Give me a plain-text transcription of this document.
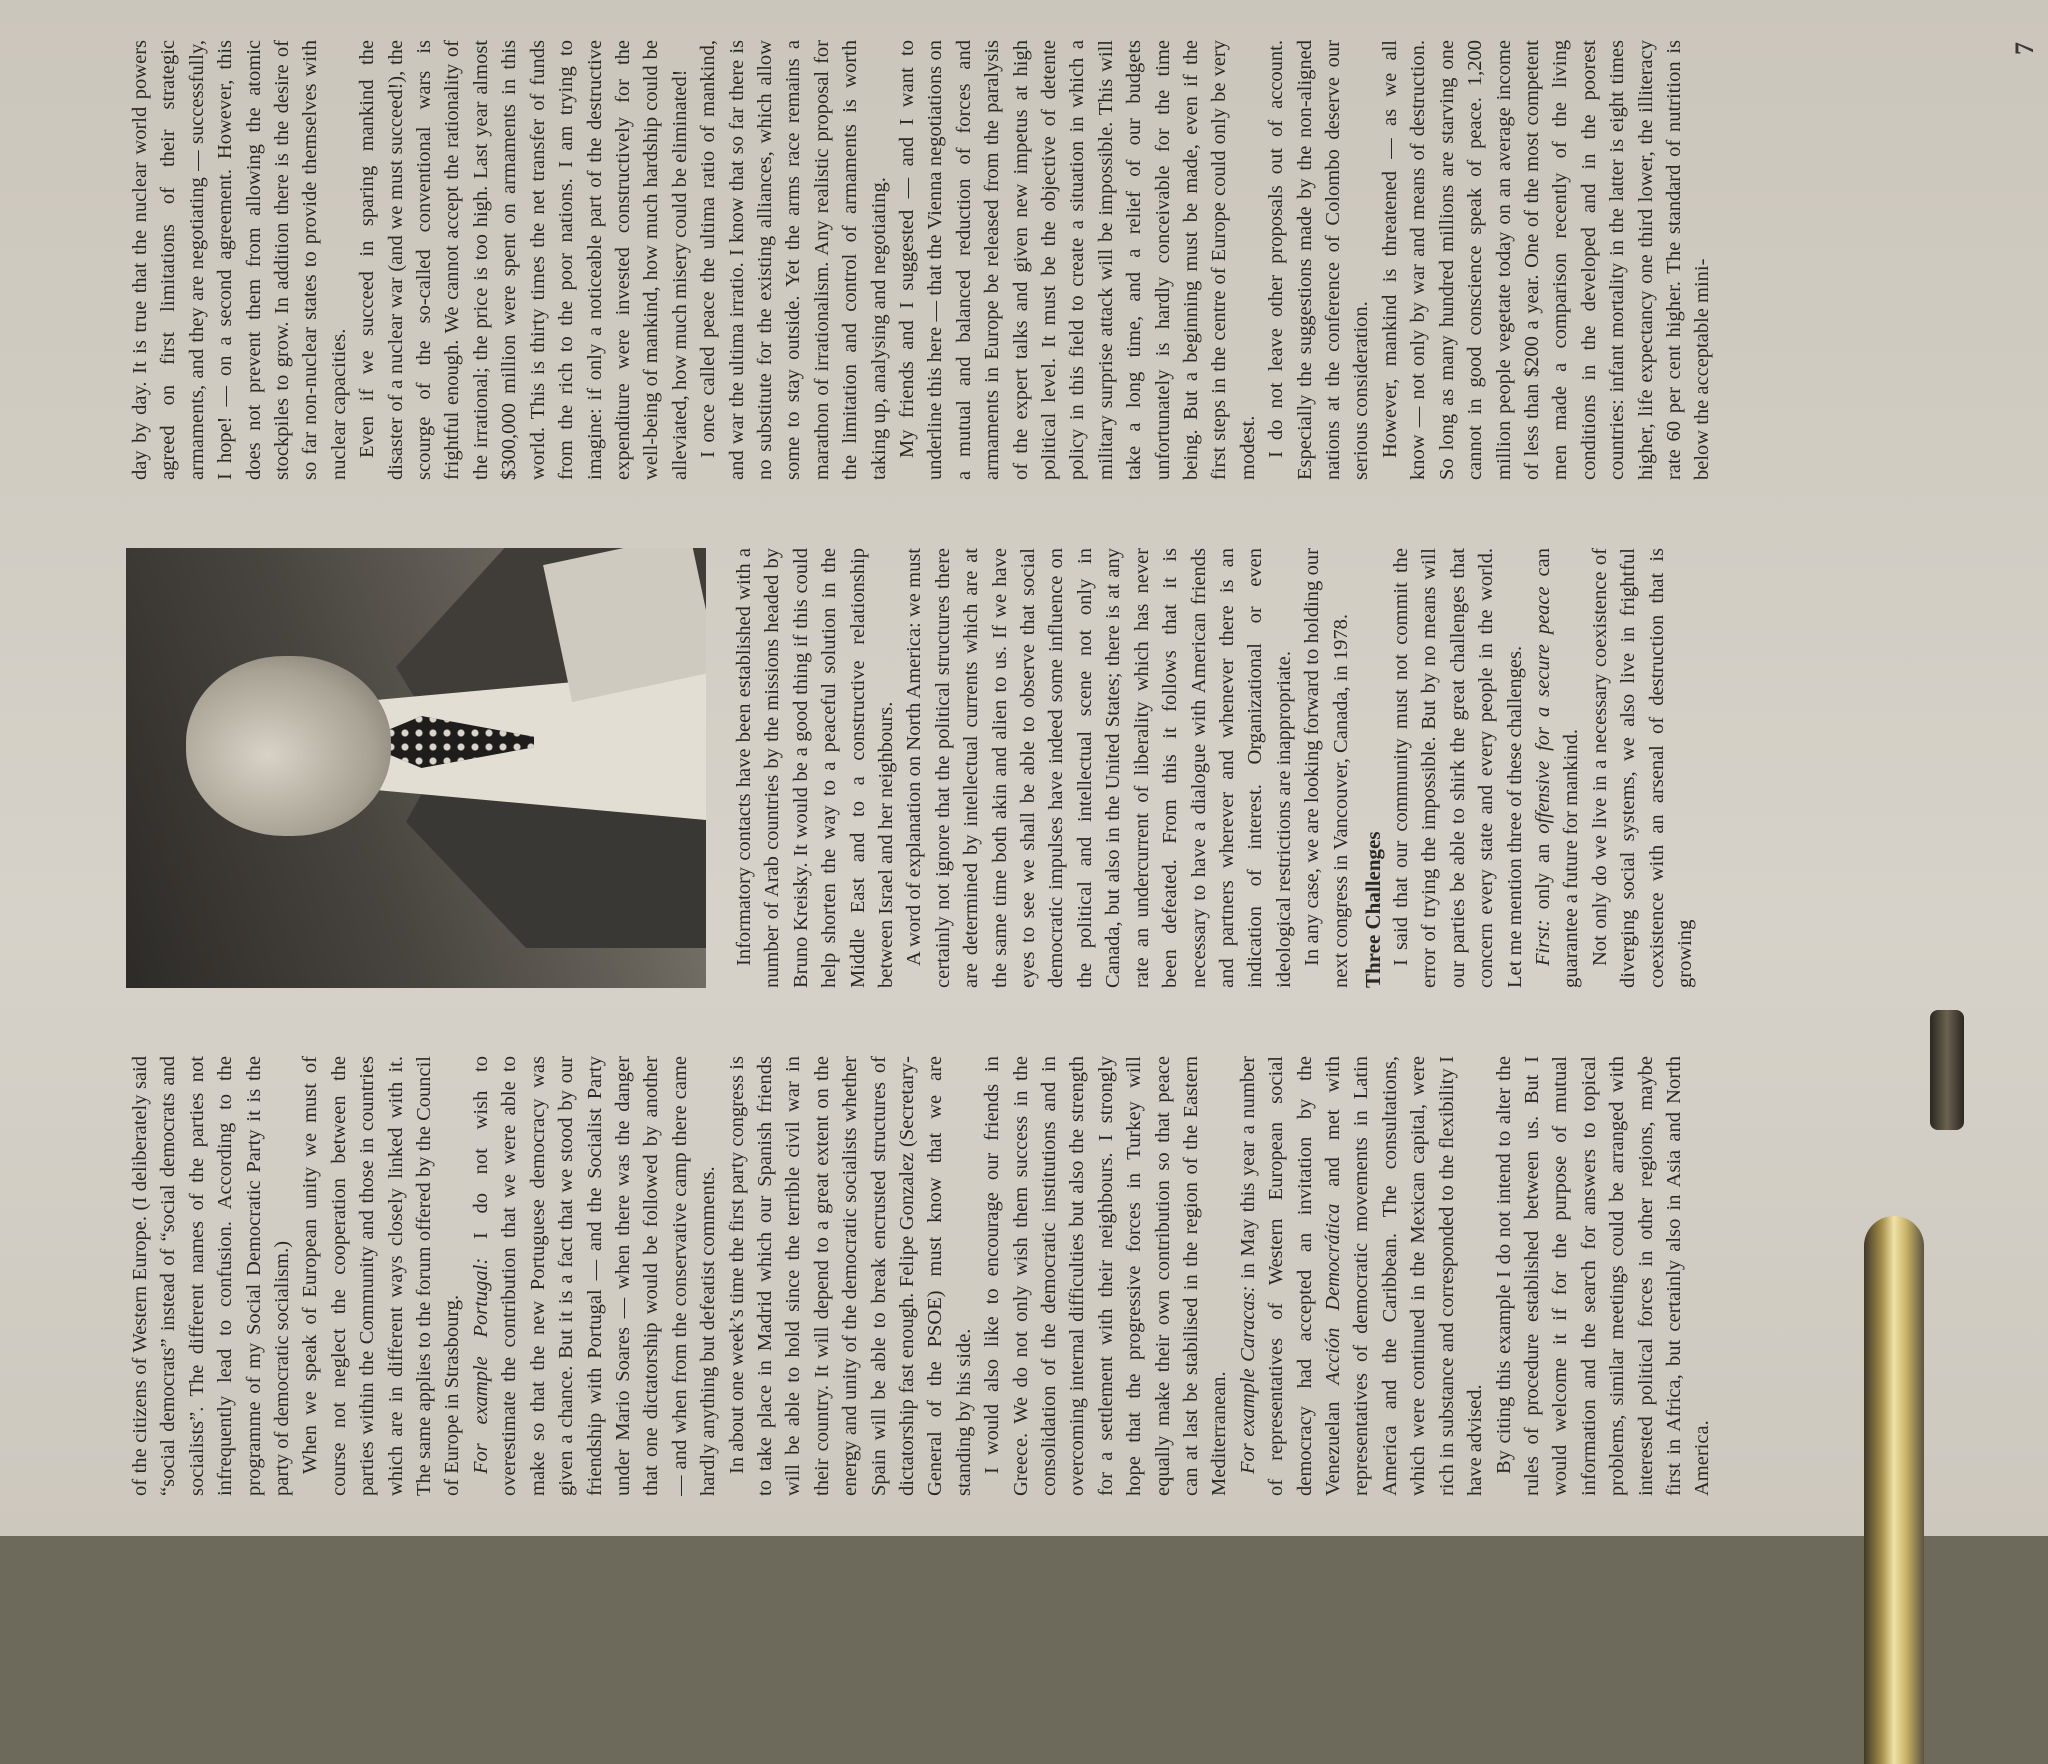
of the citizens of Western Europe. (I deliberately said “social democrats” instead of “social democrats and socialists”. The different names of the parties not infrequently lead to confusion. According to the programme of my Social Democratic Party it is the party of democratic socialism.) When we speak of European unity we must of course not neglect the cooperation between the parties within the Community and those in countries which are in different ways closely linked with it. The same applies to the forum offered by the Council of Europe in Strasbourg. For example Portugal: I do not wish to overestimate the contribution that we were able to make so that the new Portuguese democracy was given a chance. But it is a fact that we stood by our friendship with Portugal — and the Socialist Party under Mario Soares — when there was the danger that one dictatorship would be followed by another — and when from the conservative camp there came hardly anything but defeatist comments. In about one week’s time the first party congress is to take place in Madrid which our Spanish friends will be able to hold since the terrible civil war in their country. It will depend to a great extent on the energy and unity of the democratic socialists whether Spain will be able to break encrusted structures of dictatorship fast enough. Felipe Gonzalez (Secretary-General of the PSOE) must know that we are standing by his side. I would also like to encourage our friends in Greece. We do not only wish them success in the consolidation of the democratic institutions and in overcoming internal difficulties but also the strength for a settlement with their neighbours. I strongly hope that the progressive forces in Turkey will equally make their own contribution so that peace can at last be stabilised in the region of the Eastern Mediterranean. For example Caracas: in May this year a number of representatives of Western European social democracy had accepted an invitation by the Venezuelan Acción Democrática and met with representatives of democratic movements in Latin America and the Caribbean. The consultations, which were continued in the Mexican capital, were rich in substance and corresponded to the flexibility I have advised. By citing this example I do not intend to alter the rules of procedure established between us. But I would welcome it if for the purpose of mutual information and the search for answers to topical problems, similar meetings could be arranged with interested political forces in other regions, maybe first in Africa, but certainly also in Asia and North America.

Informatory contacts have been established with a number of Arab countries by the missions headed by Bruno Kreisky. It would be a good thing if this could help shorten the way to a peaceful solution in the Middle East and to a constructive relationship between Israel and her neighbours. A word of explanation on North America: we must certainly not ignore that the political structures there are determined by intellectual currents which are at the same time both akin and alien to us. If we have eyes to see we shall be able to observe that social democratic impulses have indeed some influence on the political and intellectual scene not only in Canada, but also in the United States; there is at any rate an undercurrent of liberality which has never been defeated. From this it follows that it is necessary to have a dialogue with American friends and partners wherever and whenever there is an indication of interest. Organizational or even ideological restrictions are inappropriate. In any case, we are looking forward to holding our next congress in Vancouver, Canada, in 1978. Three Challenges I said that our community must not commit the error of trying the impossible. But by no means will our parties be able to shirk the great challenges that concern every state and every people in the world. Let me mention three of these challenges. First: only an offensive for a secure peace can guarantee a future for mankind. Not only do we live in a necessary coexistence of diverging social systems, we also live in frightful coexistence with an arsenal of destruction that is growing

day by day. It is true that the nuclear world powers agreed on first limitations of their strategic armaments, and they are negotiating — successfully, I hope! — on a second agreement. However, this does not prevent them from allowing the atomic stockpiles to grow. In addition there is the desire of so far non-nuclear states to provide themselves with nuclear capacities. Even if we succeed in sparing mankind the disaster of a nuclear war (and we must succeed!), the scourge of the so-called conventional wars is frightful enough. We cannot accept the rationality of the irrational; the price is too high. Last year almost $300,000 million were spent on armaments in this world. This is thirty times the net transfer of funds from the rich to the poor nations. I am trying to imagine: if only a noticeable part of the destructive expenditure were invested constructively for the well-being of mankind, how much hardship could be alleviated, how much misery could be eliminated! I once called peace the ultima ratio of mankind, and war the ultima irratio. I know that so far there is no substitute for the existing alliances, which allow some to stay outside. Yet the arms race remains a marathon of irrationalism. Any realistic proposal for the limitation and control of armaments is worth taking up, analysing and negotiating. My friends and I suggested — and I want to underline this here — that the Vienna negotiations on a mutual and balanced reduction of forces and armaments in Europe be released from the paralysis of the expert talks and given new impetus at high political level. It must be the objective of detente policy in this field to create a situation in which a military surprise attack will be impossible. This will take a long time, and a relief of our budgets unfortunately is hardly conceivable for the time being. But a beginning must be made, even if the first steps in the centre of Europe could only be very modest. I do not leave other proposals out of account. Especially the suggestions made by the non-aligned nations at the conference of Colombo deserve our serious consideration. However, mankind is threatened — as we all know — not only by war and means of destruction. So long as many hundred millions are starving one cannot in good conscience speak of peace. 1,200 million people vegetate today on an average income of less than $200 a year. One of the most competent men made a comparison recently of the living conditions in the developed and in the poorest countries: infant mortality in the latter is eight times higher, life expectancy one third lower, the illiteracy rate 60 per cent higher. The standard of nutrition is below the acceptable mini-

7
